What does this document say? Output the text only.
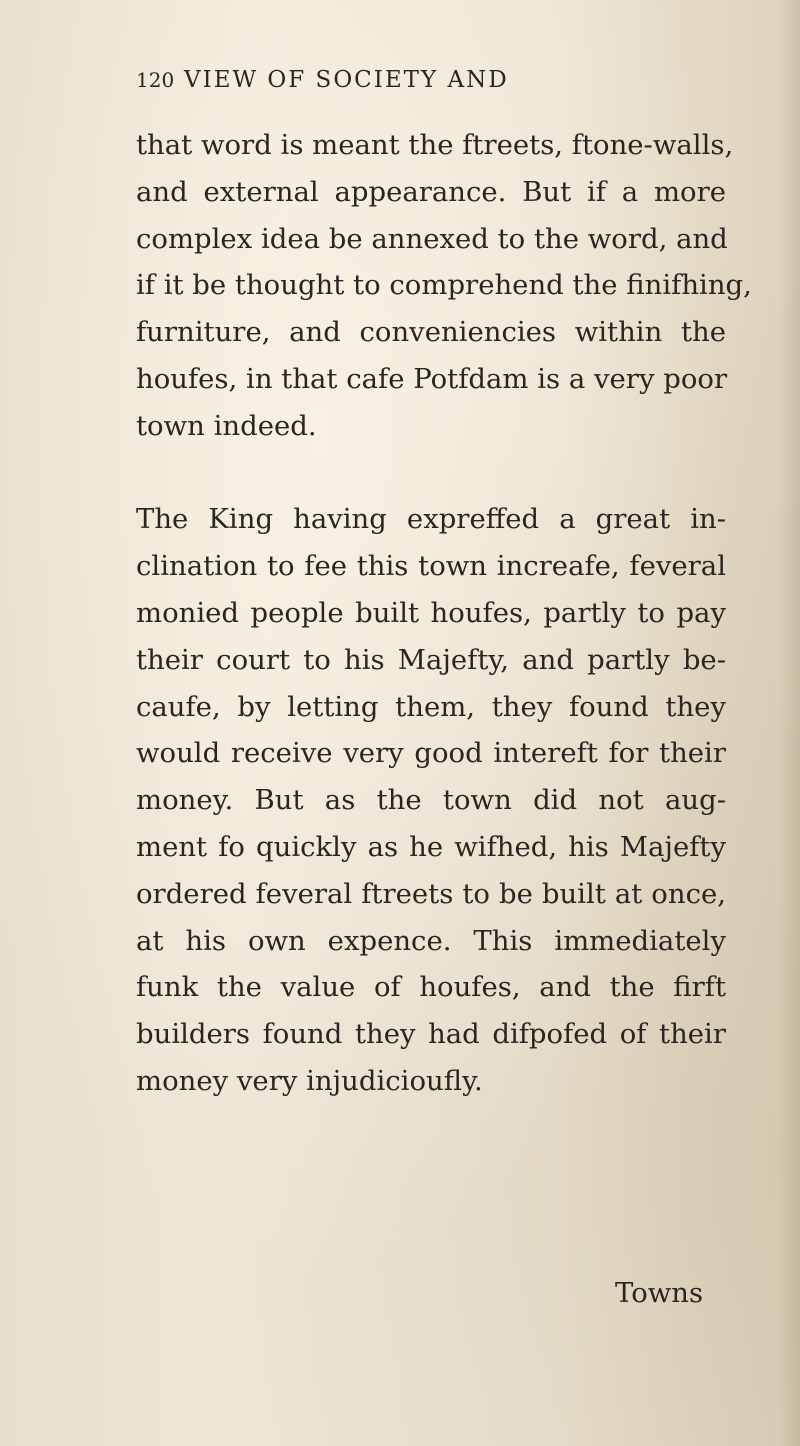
120 VIEW OF SOCIETY AND
that word is meant the ftreets, ftone-walls,
and external appearance. But if a more
complex idea be annexed to the word, and
if it be thought to comprehend the finifhing,
furniture, and conveniencies within the
houfes, in that cafe Potfdam is a very poor
town indeed.
The King having expreffed a great in-
clination to fee this town increafe, feveral
monied people built houfes, partly to pay
their court to his Majefty, and partly be-
caufe, by letting them, they found they
would receive very good intereft for their
money. But as the town did not aug-
ment fo quickly as he wifhed, his Majefty
ordered feveral ftreets to be built at once,
at his own expence. This immediately
funk the value of houfes, and the firft
builders found they had difpofed of their
money very injudicioufly.
Towns
